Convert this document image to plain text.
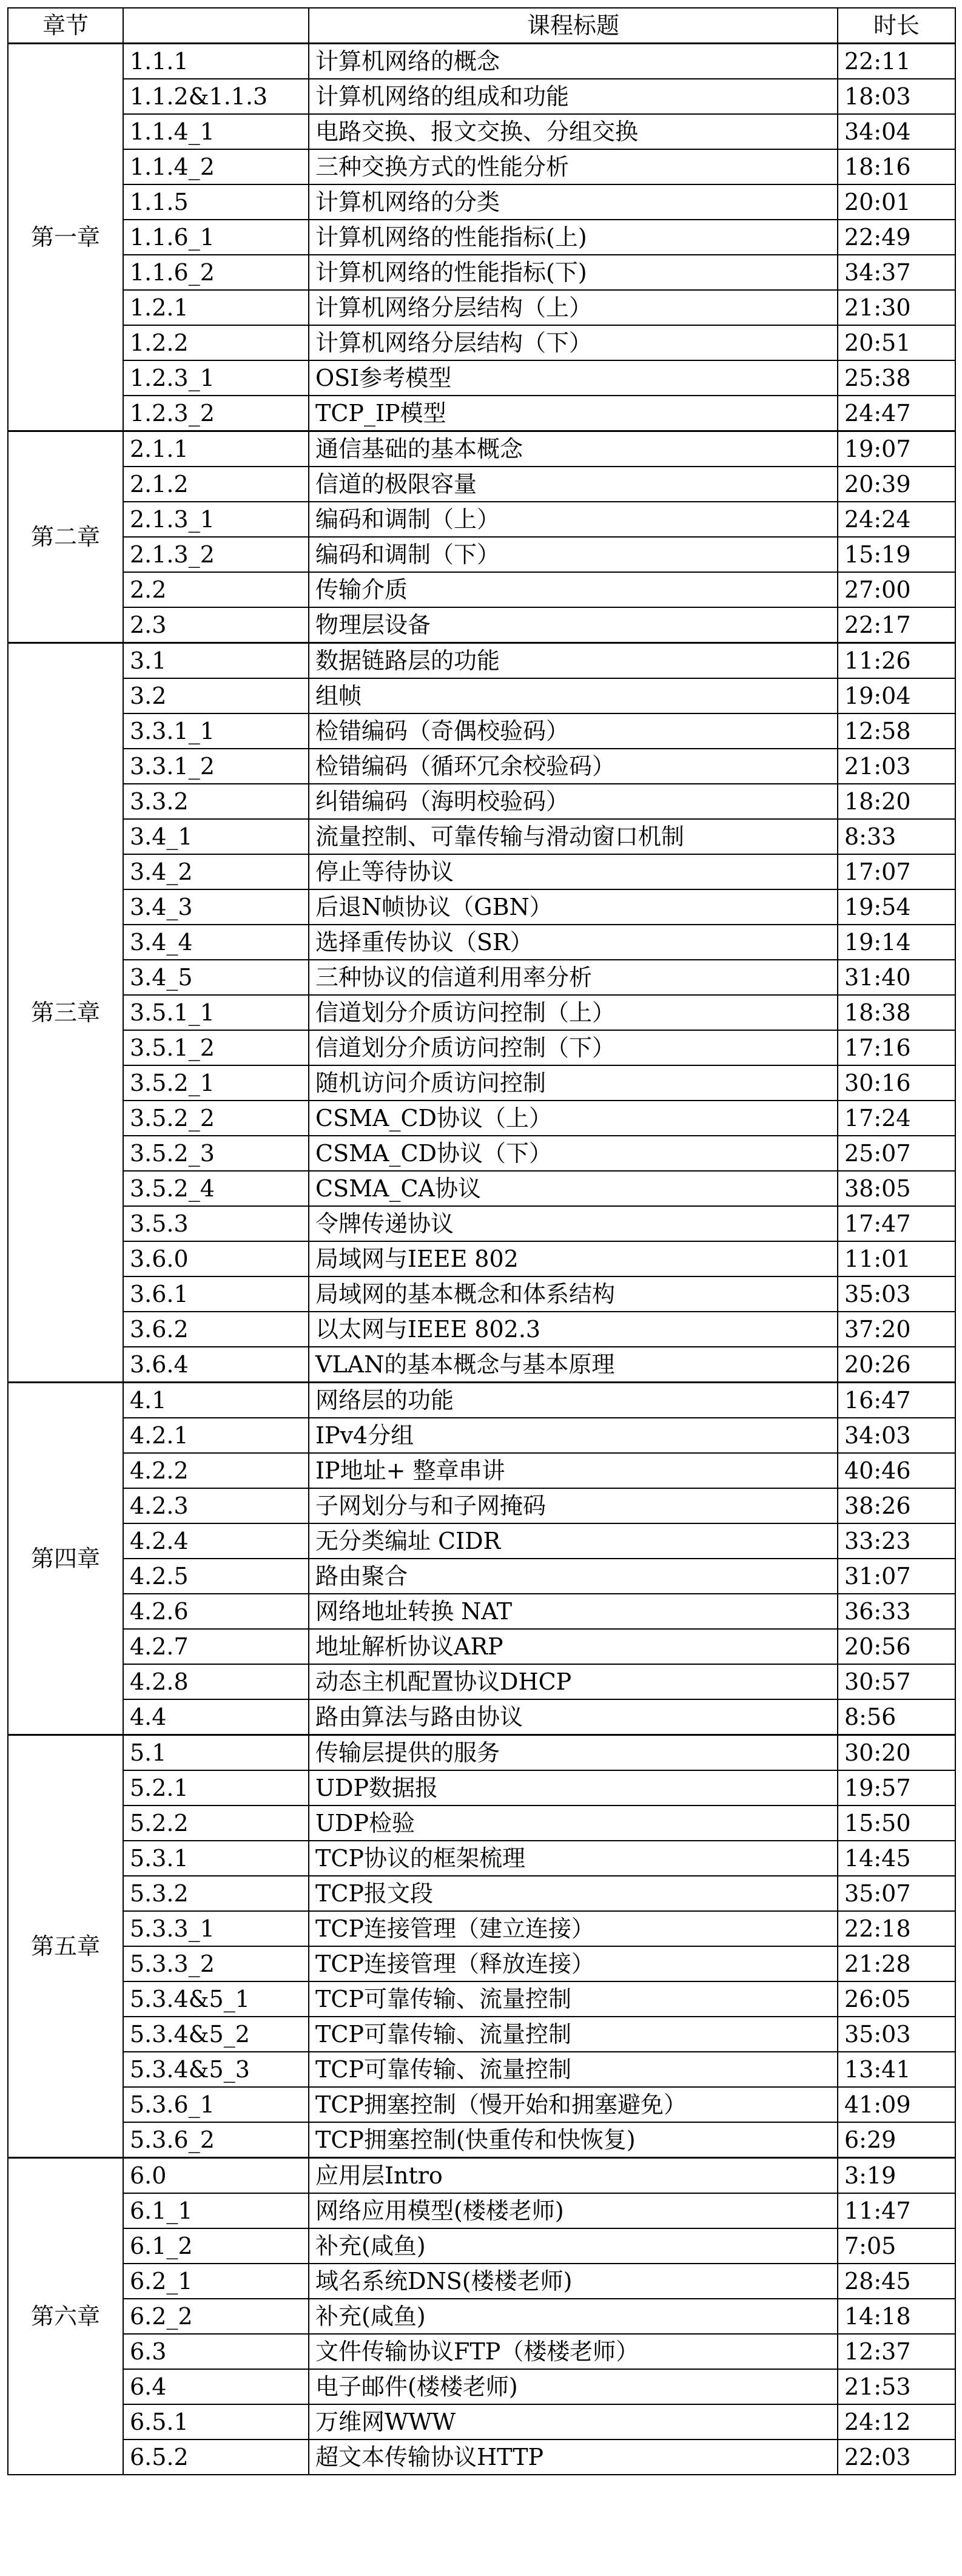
章节		课程标题	时长
第一章	1.1.1	计算机网络的概念	22:11
	1.1.2&1.1.3	计算机网络的组成和功能	18:03
	1.1.4_1	电路交换、报文交换、分组交换	34:04
	1.1.4_2	三种交换方式的性能分析	18:16
	1.1.5	计算机网络的分类	20:01
	1.1.6_1	计算机网络的性能指标(上)	22:49
	1.1.6_2	计算机网络的性能指标(下)	34:37
	1.2.1	计算机网络分层结构（上）	21:30
	1.2.2	计算机网络分层结构（下）	20:51
	1.2.3_1	OSI参考模型	25:38
	1.2.3_2	TCP_IP模型	24:47
第二章	2.1.1	通信基础的基本概念	19:07
	2.1.2	信道的极限容量	20:39
	2.1.3_1	编码和调制（上）	24:24
	2.1.3_2	编码和调制（下）	15:19
	2.2	传输介质	27:00
	2.3	物理层设备	22:17
第三章	3.1	数据链路层的功能	11:26
	3.2	组帧	19:04
	3.3.1_1	检错编码（奇偶校验码）	12:58
	3.3.1_2	检错编码（循环冗余校验码）	21:03
	3.3.2	纠错编码（海明校验码）	18:20
	3.4_1	流量控制、可靠传输与滑动窗口机制	8:33
	3.4_2	停止等待协议	17:07
	3.4_3	后退N帧协议（GBN）	19:54
	3.4_4	选择重传协议（SR）	19:14
	3.4_5	三种协议的信道利用率分析	31:40
	3.5.1_1	信道划分介质访问控制（上）	18:38
	3.5.1_2	信道划分介质访问控制（下）	17:16
	3.5.2_1	随机访问介质访问控制	30:16
	3.5.2_2	CSMA_CD协议（上）	17:24
	3.5.2_3	CSMA_CD协议（下）	25:07
	3.5.2_4	CSMA_CA协议	38:05
	3.5.3	令牌传递协议	17:47
	3.6.0	局域网与IEEE 802	11:01
	3.6.1	局域网的基本概念和体系结构	35:03
	3.6.2	以太网与IEEE 802.3	37:20
	3.6.4	VLAN的基本概念与基本原理	20:26
第四章	4.1	网络层的功能	16:47
	4.2.1	IPv4分组	34:03
	4.2.2	IP地址+ 整章串讲	40:46
	4.2.3	子网划分与和子网掩码	38:26
	4.2.4	无分类编址 CIDR	33:23
	4.2.5	路由聚合	31:07
	4.2.6	网络地址转换 NAT	36:33
	4.2.7	地址解析协议ARP	20:56
	4.2.8	动态主机配置协议DHCP	30:57
	4.4	路由算法与路由协议	8:56
第五章	5.1	传输层提供的服务	30:20
	5.2.1	UDP数据报	19:57
	5.2.2	UDP检验	15:50
	5.3.1	TCP协议的框架梳理	14:45
	5.3.2	TCP报文段	35:07
	5.3.3_1	TCP连接管理（建立连接）	22:18
	5.3.3_2	TCP连接管理（释放连接）	21:28
	5.3.4&5_1	TCP可靠传输、流量控制	26:05
	5.3.4&5_2	TCP可靠传输、流量控制	35:03
	5.3.4&5_3	TCP可靠传输、流量控制	13:41
	5.3.6_1	TCP拥塞控制（慢开始和拥塞避免）	41:09
	5.3.6_2	TCP拥塞控制(快重传和快恢复)	6:29
第六章	6.0	应用层Intro	3:19
	6.1_1	网络应用模型(楼楼老师)	11:47
	6.1_2	补充(咸鱼)	7:05
	6.2_1	域名系统DNS(楼楼老师)	28:45
	6.2_2	补充(咸鱼)	14:18
	6.3	文件传输协议FTP（楼楼老师）	12:37
	6.4	电子邮件(楼楼老师)	21:53
	6.5.1	万维网WWW	24:12
	6.5.2	超文本传输协议HTTP	22:03
